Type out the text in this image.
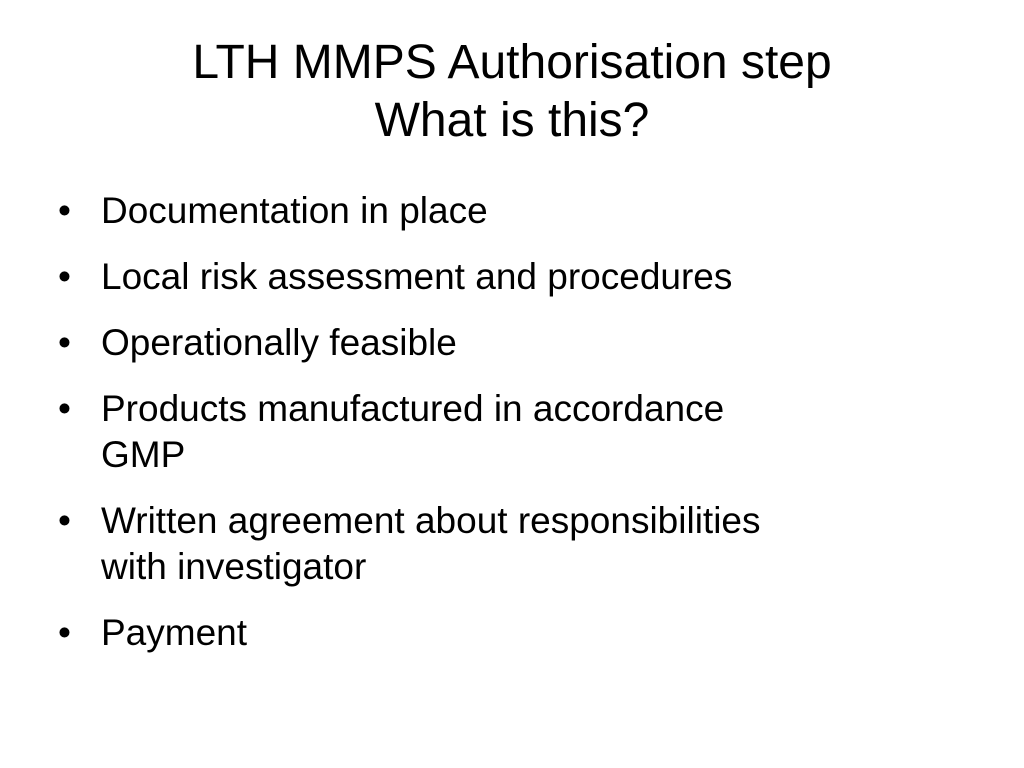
LTH MMPS Authorisation step
What is this?
• Documentation in place
• Local risk assessment and procedures
• Operationally feasible
• Products manufactured in accordance
GMP
• Written agreement about responsibilities
with investigator
• Payment
